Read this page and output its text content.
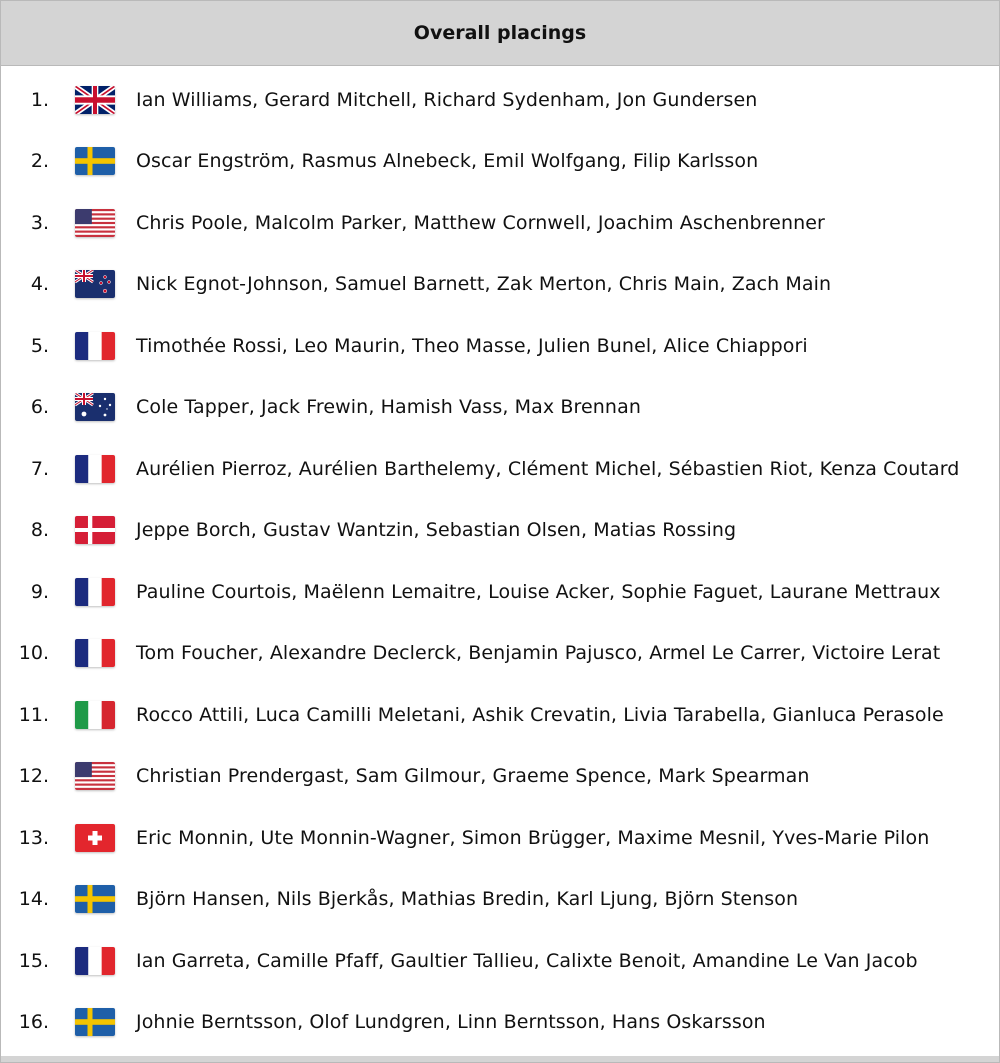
Overall placings
1.	Ian Williams, Gerard Mitchell, Richard Sydenham, Jon Gundersen
2.	Oscar Engström, Rasmus Alnebeck, Emil Wolfgang, Filip Karlsson
3.	Chris Poole, Malcolm Parker, Matthew Cornwell, Joachim Aschenbrenner
4.	Nick Egnot-Johnson, Samuel Barnett, Zak Merton, Chris Main, Zach Main
5.	Timothée Rossi, Leo Maurin, Theo Masse, Julien Bunel, Alice Chiappori
6.	Cole Tapper, Jack Frewin, Hamish Vass, Max Brennan
7.	Aurélien Pierroz, Aurélien Barthelemy, Clément Michel, Sébastien Riot, Kenza Coutard
8.	Jeppe Borch, Gustav Wantzin, Sebastian Olsen, Matias Rossing
9.	Pauline Courtois, Maëlenn Lemaitre, Louise Acker, Sophie Faguet, Laurane Mettraux
10.	Tom Foucher, Alexandre Declerck, Benjamin Pajusco, Armel Le Carrer, Victoire Lerat
11.	Rocco Attili, Luca Camilli Meletani, Ashik Crevatin, Livia Tarabella, Gianluca Perasole
12.	Christian Prendergast, Sam Gilmour, Graeme Spence, Mark Spearman
13.	Eric Monnin, Ute Monnin-Wagner, Simon Brügger, Maxime Mesnil, Yves-Marie Pilon
14.	Björn Hansen, Nils Bjerkås, Mathias Bredin, Karl Ljung, Björn Stenson
15.	Ian Garreta, Camille Pfaff, Gaultier Tallieu, Calixte Benoit, Amandine Le Van Jacob
16.	Johnie Berntsson, Olof Lundgren, Linn Berntsson, Hans Oskarsson
